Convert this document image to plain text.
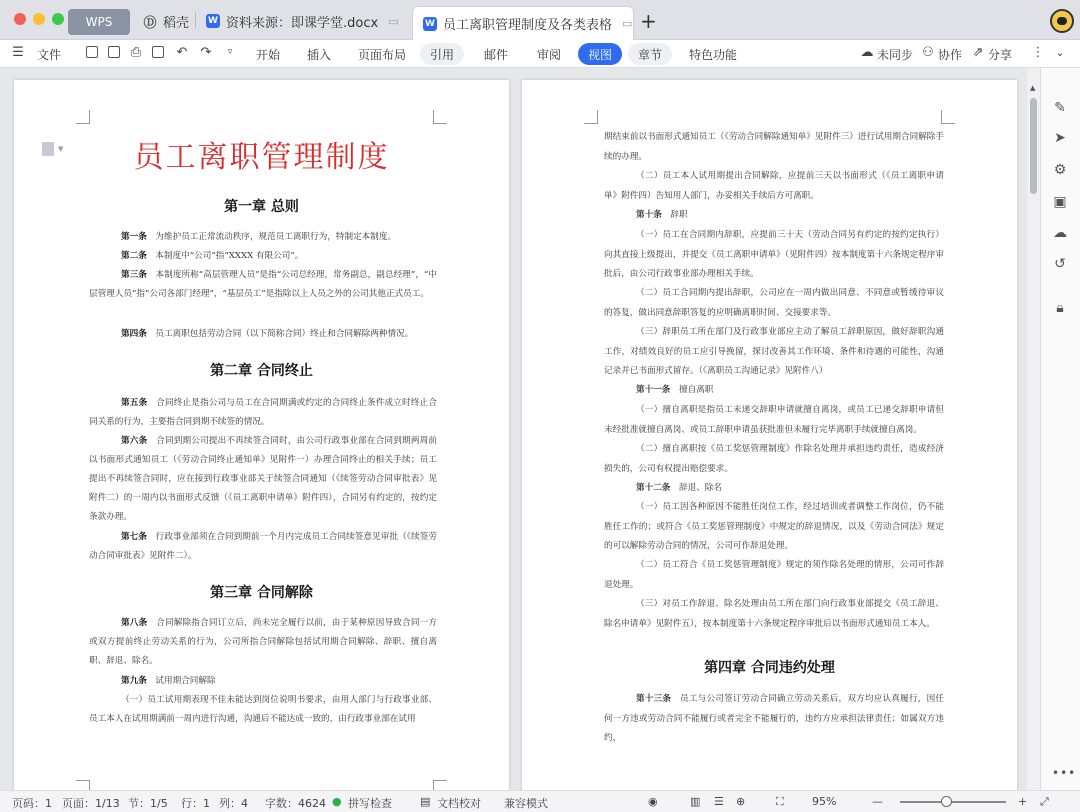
WPS Ⓓ 稻壳 W 资料来源：即课学堂.docx ▭	W 员工离职管理制度及各类表格 ▭ +
☰ 文件	⎙	↶ ↷	▿	开始 插入 页面布局 引用 邮件 审阅 视图 章节 特色功能	☁ 未同步 ⚇ 协作 ⇗ 分享 ⋮ ⌄
▼	员工离职管理制度
第一章 总则
第一条　 为维护员工正常流动秩序，规范员工离职行为，特制定本制度。
第二条　 本制度中“公司”指“XXXX 有限公司”。
第三条　 本制度所称“高层管理人员”是指“公司总经理，常务副总，副总经理”，“中层管理人员”指“公司各部门经理”，“基层员工”是指除以上人员之外的公司其他正式员工。
第四条　 员工离职包括劳动合同（以下简称合同）终止和合同解除两种情况。
第二章 合同终止
第五条　 合同终止是指公司与员工在合同期满或约定的合同终止条件成立时终止合同关系的行为，主要指合同到期不续签的情况。
第六条　 合同到期公司提出不再续签合同时，由公司行政事业部在合同到期两周前以书面形式通知员工（《劳动合同终止通知单》见附件一）办理合同终止的相关手续；员工提出不再续签合同时，应在接到行政事业部关于续签合同通知（《续签劳动合同审批表》见附件二）的一周内以书面形式反馈（《员工离职申请单》附件四），合同另有约定的，按约定条款办理。
第七条　 行政事业部须在合同到期前一个月内完成员工合同续签意见审批（《续签劳动合同审批表》见附件二）。
第三章 合同解除
第八条　 合同解除指合同订立后，尚未完全履行以前，由于某种原因导致合同一方或双方提前终止劳动关系的行为，公司所指合同解除包括试用期合同解除、辞职、擅自离职、辞退、除名。
第九条　 试用期合同解除
（一）员工试用期表现不佳未能达到岗位说明书要求，由用人部门与行政事业部、员工本人在试用期满前一周内进行沟通，沟通后不能达成一致的，由行政事业部在试用
期结束前以书面形式通知员工（《劳动合同解除通知单》见附件三）进行试用期合同解除手续的办理。
（二）员工本人试用期提出合同解除，应提前三天以书面形式（《员工离职申请单》附件四）告知用人部门，办妥相关手续后方可离职。
第十条　 辞职
（一）员工在合同期内辞职，应提前三十天（劳动合同另有约定的按约定执行）向其直接上级提出，并提交《员工离职申请单》（见附件四）按本制度第十六条规定程序审批后，由公司行政事业部办理相关手续。
（二）员工合同期内提出辞职，公司应在一周内做出同意、不同意或暂缓待审议的答复，做出同意辞职答复的应明确离职时间、交接要求等。
（三）辞职员工所在部门及行政事业部应主动了解员工辞职原因，做好辞职沟通工作，对绩效良好的员工应引导挽留，探讨改善其工作环境、条件和待遇的可能性，沟通记录并已书面形式留存。（《离职员工沟通记录》见附件八）
第十一条　 擅自离职
（一）擅自离职是指员工未递交辞职申请就擅自离岗，或员工已递交辞职申请但未经批准就擅自离岗、或员工辞职申请虽获批准但未履行完毕离职手续就擅自离岗。
（二）擅自离职按《员工奖惩管理制度》作除名处理并承担违约责任，造成经济损失的，公司有权提出赔偿要求。
第十二条　 辞退、除名
（一）员工因各种原因不能胜任岗位工作，经过培训或者调整工作岗位，仍不能胜任工作的；或符合《员工奖惩管理制度》中规定的辞退情况，以及《劳动合同法》规定的可以解除劳动合同的情况，公司可作辞退处理。
（二）员工符合《员工奖惩管理制度》规定的须作除名处理的情形，公司可作辞退处理。
（三）对员工作辞退、除名处理由员工所在部门向行政事业部提交《员工辞退、除名申请单》见附件五），按本制度第十六条规定程序审批后以书面形式通知员工本人。
第四章 合同违约处理
第十三条　 员工与公司签订劳动合同确立劳动关系后，双方均应认真履行，因任何一方违或劳动合同不能履行或者完全不能履行的，违约方应承担法律责任；如属双方违约，
▲
✎
➤
⚙
▣
☁
↺
🔒︎
•••
页码：1 页面：1/13 节：1/5 行：1 列：4 字数：4624 ● 拼写检查	▤ 文档校对 兼容模式	◉	▥ ☰ ⊕	⛶	95%	—	+ ⤢
